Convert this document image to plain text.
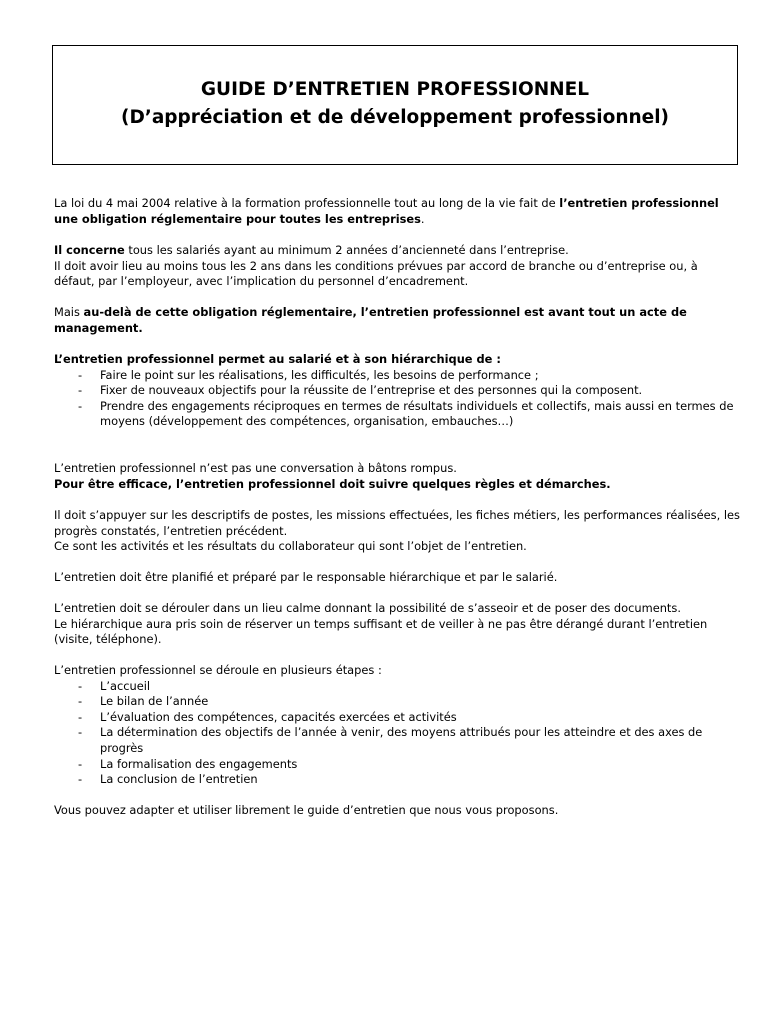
GUIDE D’ENTRETIEN PROFESSIONNEL
(D’appréciation et de développement professionnel)
La loi du 4 mai 2004 relative à la formation professionnelle tout au long de la vie fait de l’entretien professionnel
une obligation réglementaire pour toutes les entreprises.
Il concerne tous les salariés ayant au minimum 2 années d’ancienneté dans l’entreprise.
Il doit avoir lieu au moins tous les 2 ans dans les conditions prévues par accord de branche ou d’entreprise ou, à
défaut, par l’employeur, avec l’implication du personnel d’encadrement.
Mais au-delà de cette obligation réglementaire, l’entretien professionnel est avant tout un acte de
management.
L’entretien professionnel permet au salarié et à son hiérarchique de :
- Faire le point sur les réalisations, les difficultés, les besoins de performance ;
- Fixer de nouveaux objectifs pour la réussite de l’entreprise et des personnes qui la composent.
- Prendre des engagements réciproques en termes de résultats individuels et collectifs, mais aussi en termes de
moyens (développement des compétences, organisation, embauches…)
L’entretien professionnel n’est pas une conversation à bâtons rompus.
Pour être efficace, l’entretien professionnel doit suivre quelques règles et démarches.
Il doit s’appuyer sur les descriptifs de postes, les missions effectuées, les fiches métiers, les performances réalisées, les
progrès constatés, l’entretien précédent.
Ce sont les activités et les résultats du collaborateur qui sont l’objet de l’entretien.
L’entretien doit être planifié et préparé par le responsable hiérarchique et par le salarié.
L’entretien doit se dérouler dans un lieu calme donnant la possibilité de s’asseoir et de poser des documents.
Le hiérarchique aura pris soin de réserver un temps suffisant et de veiller à ne pas être dérangé durant l’entretien
(visite, téléphone).
L’entretien professionnel se déroule en plusieurs étapes :
- L’accueil
- Le bilan de l’année
- L’évaluation des compétences, capacités exercées et activités
- La détermination des objectifs de l’année à venir, des moyens attribués pour les atteindre et des axes de
progrès
- La formalisation des engagements
- La conclusion de l’entretien
Vous pouvez adapter et utiliser librement le guide d’entretien que nous vous proposons.
